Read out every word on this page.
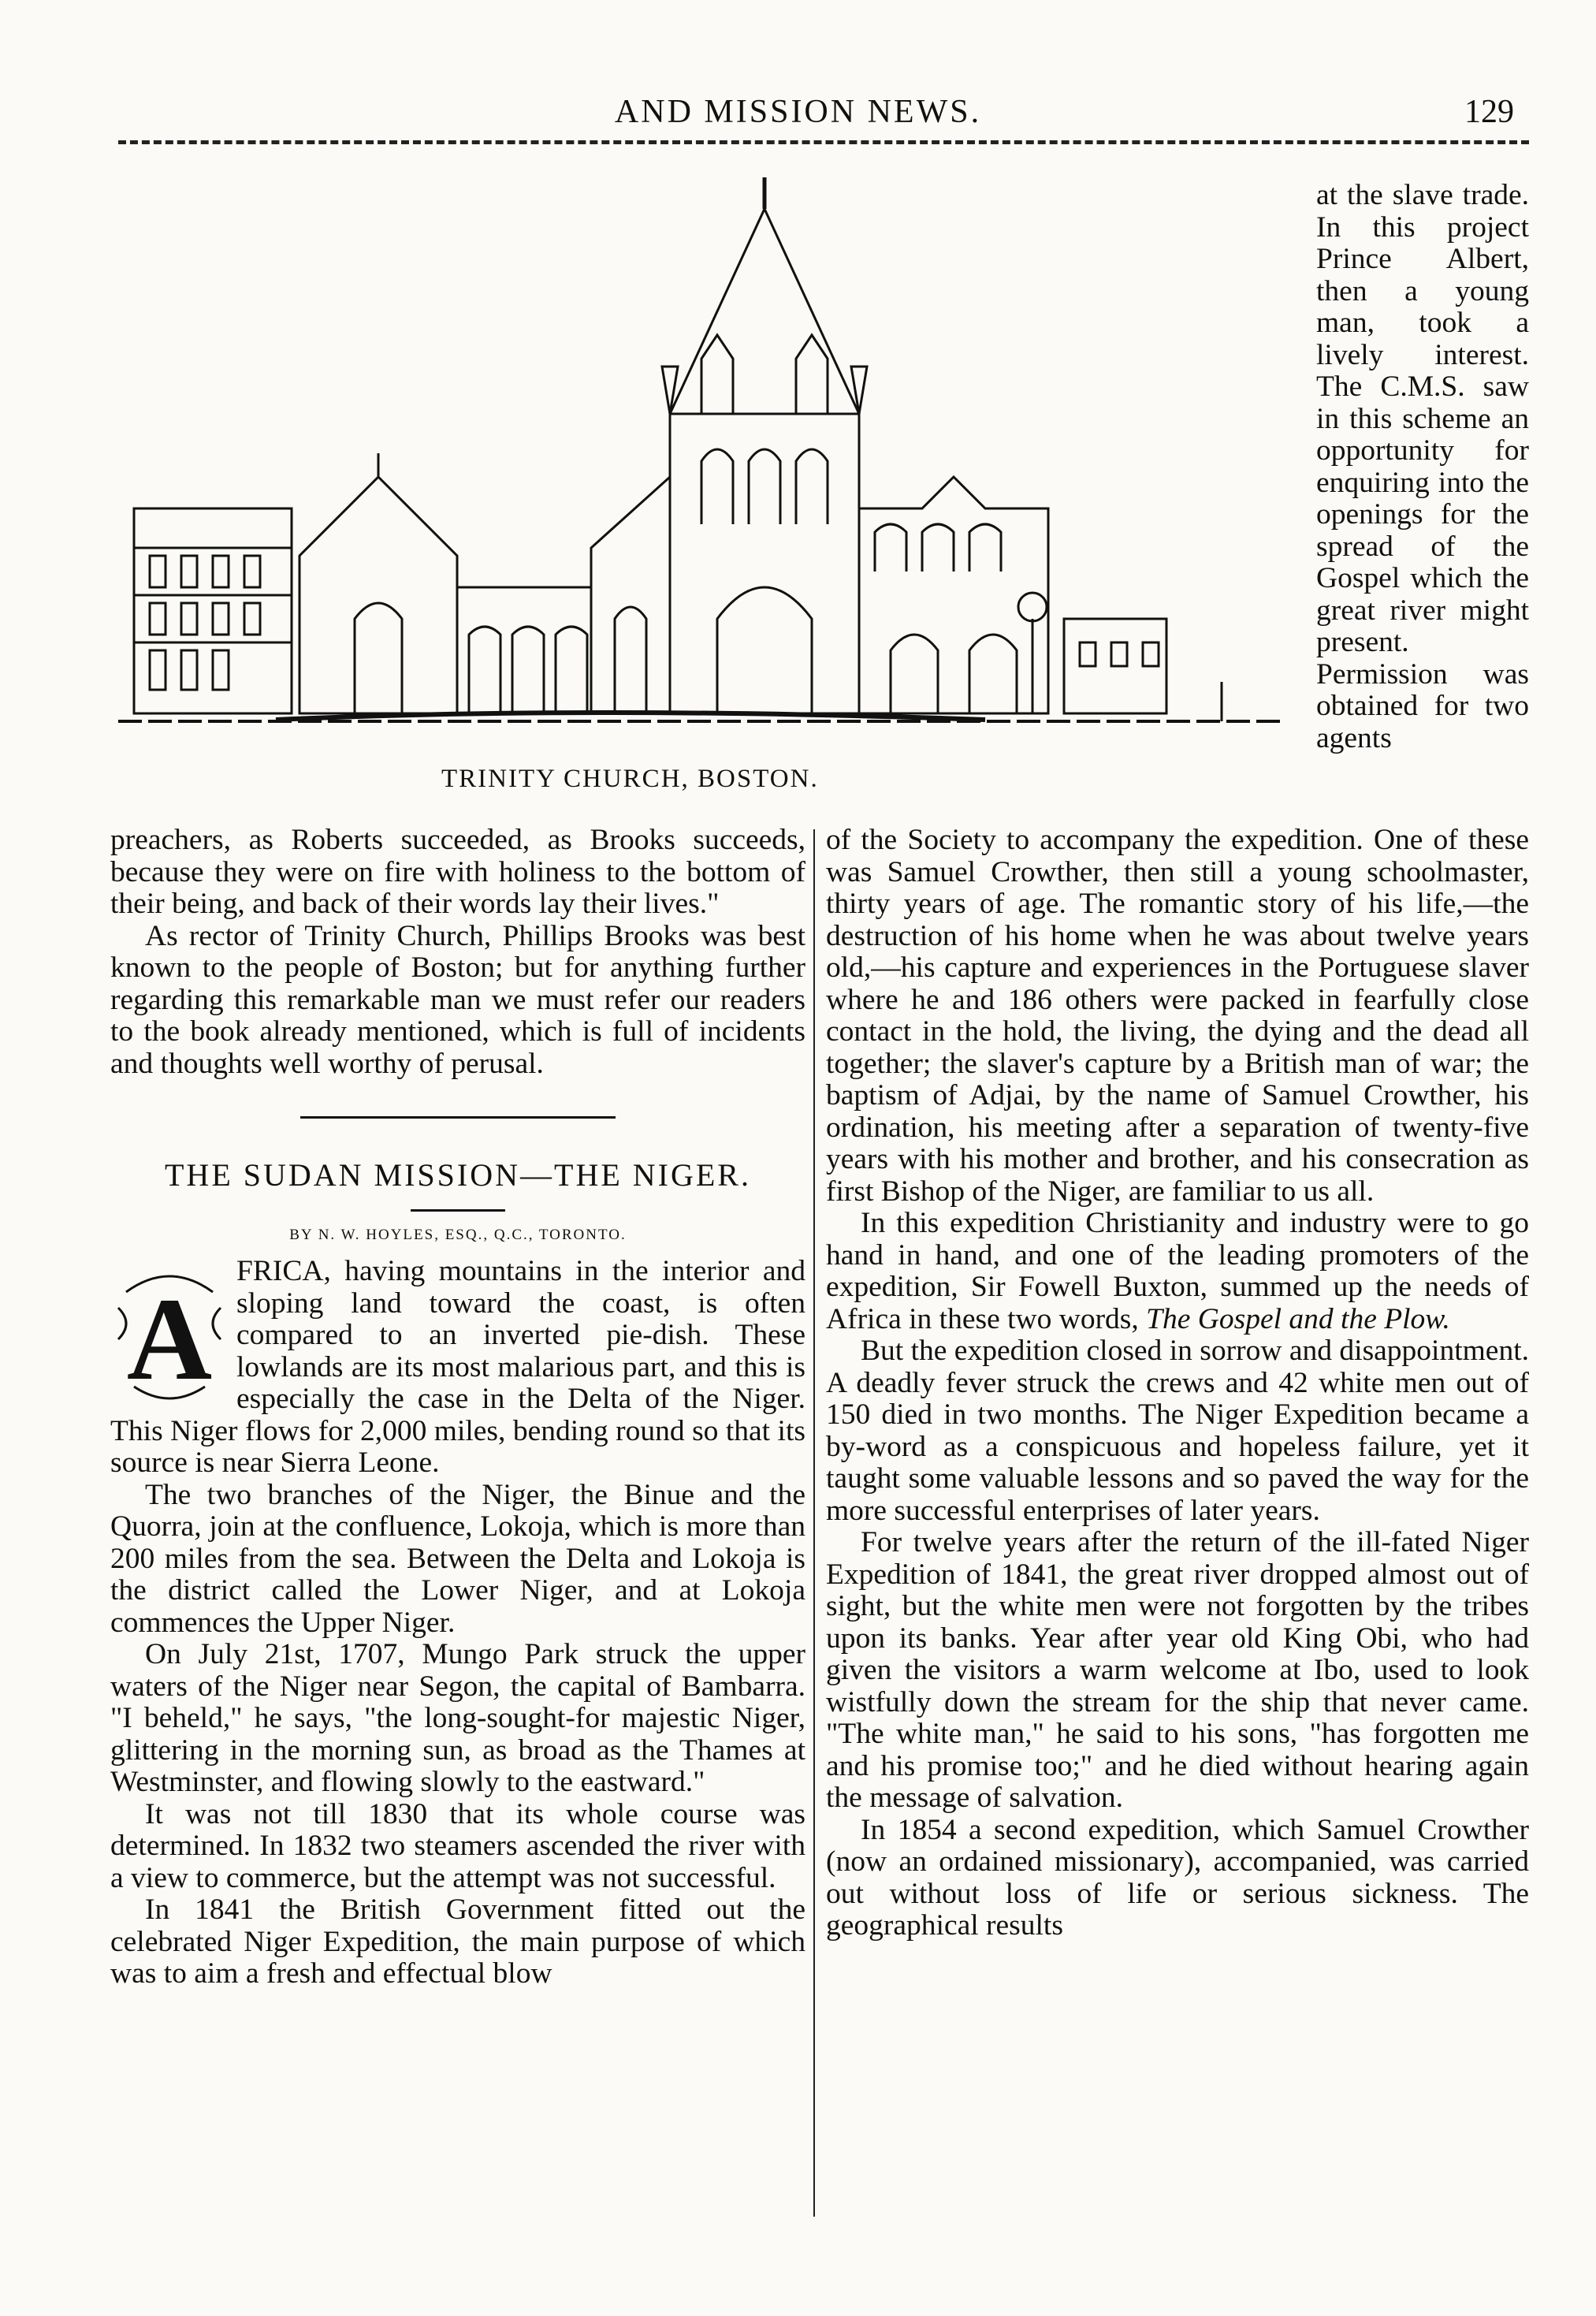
AND MISSION NEWS.	129
TRINITY CHURCH, BOSTON.

at the slave trade. In this project Prince Albert, then a young man, took a lively interest. The C.M.S. saw in this scheme an opportunity for enquiring into the openings for the spread of the Gospel which the great river might present. Permission was obtained for two agents

preachers, as Roberts succeeded, as Brooks succeeds, because they were on fire with holiness to the bottom of their being, and back of their words lay their lives."

As rector of Trinity Church, Phillips Brooks was best known to the people of Boston; but for anything further regarding this remarkable man we must refer our readers to the book already mentioned, which is full of incidents and thoughts well worthy of perusal.

THE SUDAN MISSION—THE NIGER.
BY N. W. HOYLES, ESQ., Q.C., TORONTO.

A
FRICA, having mountains in the interior and sloping land toward the coast, is often compared to an inverted pie-dish. These lowlands are its most malarious part, and this is especially the case in the Delta of the Niger. This Niger flows for 2,000 miles, bending round so that its source is near Sierra Leone.

The two branches of the Niger, the Binue and the Quorra, join at the confluence, Lokoja, which is more than 200 miles from the sea. Between the Delta and Lokoja is the district called the Lower Niger, and at Lokoja commences the Upper Niger.

On July 21st, 1707, Mungo Park struck the upper waters of the Niger near Segon, the capital of Bambarra. "I beheld," he says, "the long-sought-for majestic Niger, glittering in the morning sun, as broad as the Thames at Westminster, and flowing slowly to the eastward."

It was not till 1830 that its whole course was determined. In 1832 two steamers ascended the river with a view to commerce, but the attempt was not successful.

In 1841 the British Government fitted out the celebrated Niger Expedition, the main purpose of which was to aim a fresh and effectual blow

of the Society to accompany the expedition. One of these was Samuel Crowther, then still a young schoolmaster, thirty years of age. The romantic story of his life,—the destruction of his home when he was about twelve years old,—his capture and experiences in the Portuguese slaver where he and 186 others were packed in fearfully close contact in the hold, the living, the dying and the dead all together; the slaver's capture by a British man of war; the baptism of Adjai, by the name of Samuel Crowther, his ordination, his meeting after a separation of twenty-five years with his mother and brother, and his consecration as first Bishop of the Niger, are familiar to us all.

In this expedition Christianity and industry were to go hand in hand, and one of the leading promoters of the expedition, Sir Fowell Buxton, summed up the needs of Africa in these two words, The Gospel and the Plow.

But the expedition closed in sorrow and disappointment. A deadly fever struck the crews and 42 white men out of 150 died in two months. The Niger Expedition became a by-word as a conspicuous and hopeless failure, yet it taught some valuable lessons and so paved the way for the more successful enterprises of later years.

For twelve years after the return of the ill-fated Niger Expedition of 1841, the great river dropped almost out of sight, but the white men were not forgotten by the tribes upon its banks. Year after year old King Obi, who had given the visitors a warm welcome at Ibo, used to look wistfully down the stream for the ship that never came. "The white man," he said to his sons, "has forgotten me and his promise too;" and he died without hearing again the message of salvation.

In 1854 a second expedition, which Samuel Crowther (now an ordained missionary), accompanied, was carried out without loss of life or serious sickness. The geographical results
